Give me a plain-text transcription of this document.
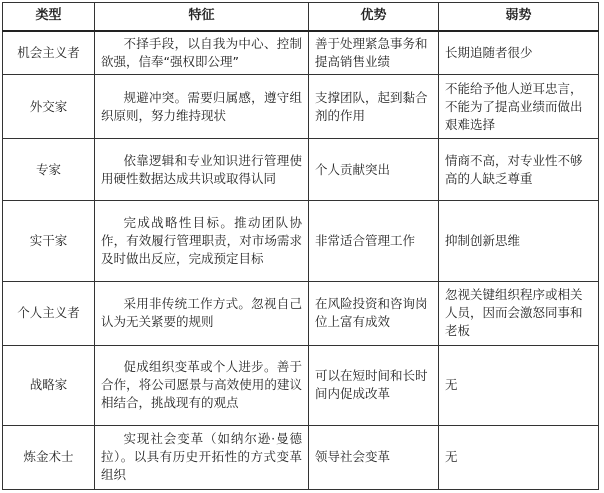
类型	特征	优势	弱势
机会主义者	不择手段，以自我为中心、控制欲强，信奉“强权即公理”	善于处理紧急事务和提高销售业绩	长期追随者很少
外交家	规避冲突。需要归属感，遵守组织原则，努力维持现状	支撑团队，起到黏合剂的作用	不能给予他人逆耳忠言，不能为了提高业绩而做出艰难选择
专家	依靠逻辑和专业知识进行管理使用硬性数据达成共识或取得认同	个人贡献突出	情商不高，对专业性不够高的人缺乏尊重
实干家	完成战略性目标。推动团队协作，有效履行管理职责，对市场需求及时做出反应，完成预定目标	非常适合管理工作	抑制创新思维
个人主义者	采用非传统工作方式。忽视自己认为无关紧要的规则	在风险投资和咨询岗位上富有成效	忽视关键组织程序或相关人员，因而会激怒同事和老板
战略家	促成组织变革或个人进步。善于合作，将公司愿景与高效使用的建议相结合，挑战现有的观点	可以在短时间和长时间内促成改革	无
炼金术士	实现社会变革（如纳尔逊·曼德拉）。以具有历史开拓性的方式变革组织	领导社会变革	无
